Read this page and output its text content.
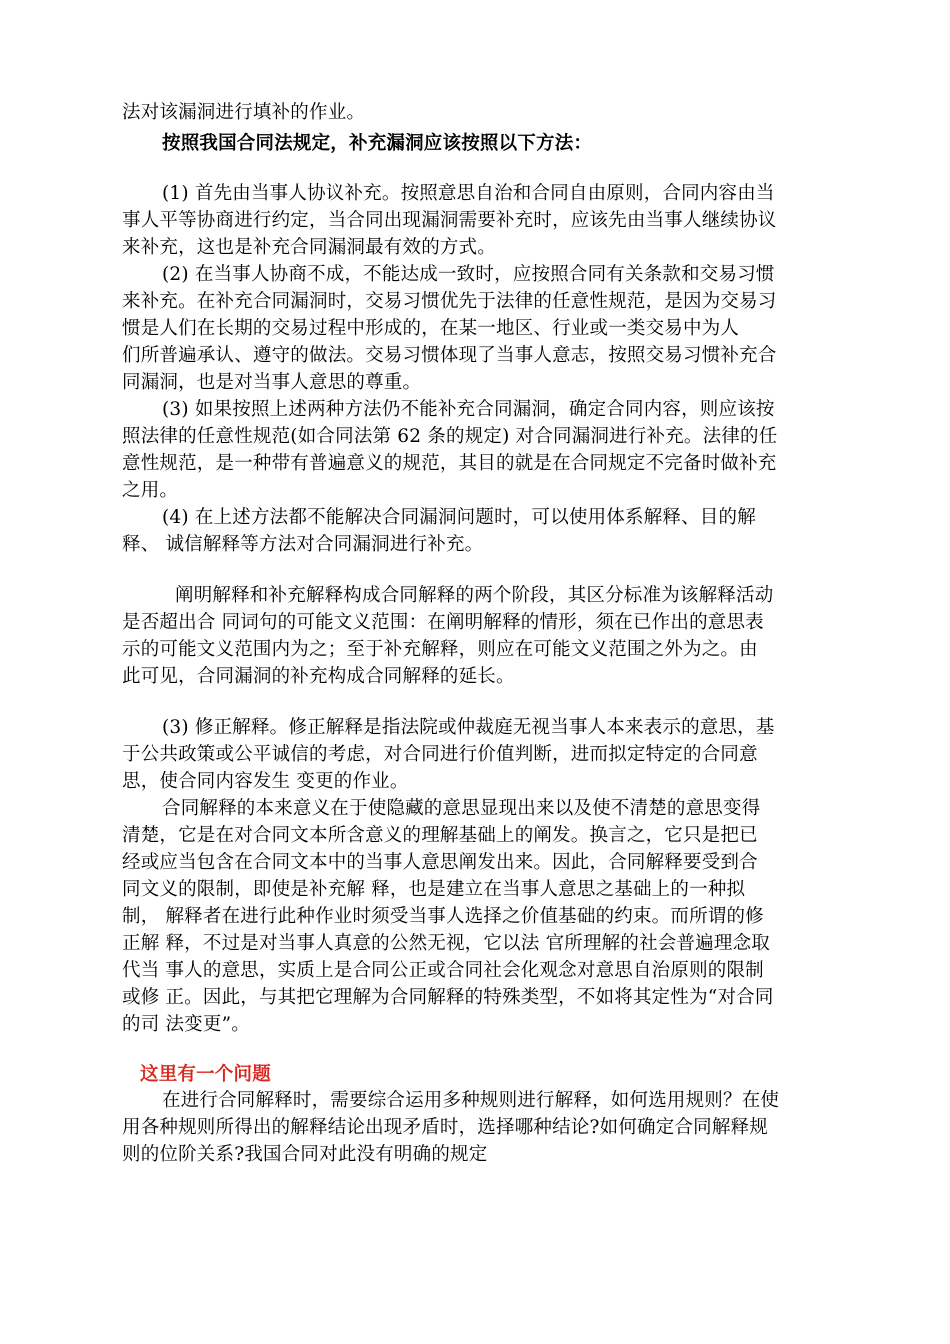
法对该漏洞进行填补的作业。
按照我国合同法规定，补充漏洞应该按照以下方法：
(1) 首先由当事人协议补充。按照意思自治和合同自由原则，合同内容由当
事人平等协商进行约定，当合同出现漏洞需要补充时，应该先由当事人继续协议
来补充，这也是补充合同漏洞最有效的方式。
(2) 在当事人协商不成，不能达成一致时，应按照合同有关条款和交易习惯
来补充。在补充合同漏洞时，交易习惯优先于法律的任意性规范，是因为交易习
惯是人们在长期的交易过程中形成的，在某一地区、行业或一类交易中为人
们所普遍承认、遵守的做法。交易习惯体现了当事人意志，按照交易习惯补充合
同漏洞，也是对当事人意思的尊重。
(3) 如果按照上述两种方法仍不能补充合同漏洞，确定合同内容，则应该按
照法律的任意性规范(如合同法第 62 条的规定) 对合同漏洞进行补充。法律的任
意性规范，是一种带有普遍意义的规范，其目的就是在合同规定不完备时做补充
之用。
(4) 在上述方法都不能解决合同漏洞问题时，可以使用体系解释、目的解
释、 诚信解释等方法对合同漏洞进行补充。
阐明解释和补充解释构成合同解释的两个阶段，其区分标准为该解释活动
是否超出合 同词句的可能文义范围：在阐明解释的情形，须在已作出的意思表
示的可能文义范围内为之；至于补充解释，则应在可能文义范围之外为之。由
此可见，合同漏洞的补充构成合同解释的延长。
(3) 修正解释。修正解释是指法院或仲裁庭无视当事人本来表示的意思，基
于公共政策或公平诚信的考虑，对合同进行价值判断，进而拟定特定的合同意
思，使合同内容发生 变更的作业。
合同解释的本来意义在于使隐藏的意思显现出来以及使不清楚的意思变得
清楚，它是在对合同文本所含意义的理解基础上的阐发。换言之，它只是把已
经或应当包含在合同文本中的当事人意思阐发出来。因此，合同解释要受到合
同文义的限制，即使是补充解 释，也是建立在当事人意思之基础上的一种拟
制， 解释者在进行此种作业时须受当事人选择之价值基础的约束。而所谓的修
正解 释，不过是对当事人真意的公然无视，它以法 官所理解的社会普遍理念取
代当 事人的意思，实质上是合同公正或合同社会化观念对意思自治原则的限制
或修 正。因此，与其把它理解为合同解释的特殊类型，不如将其定性为“对合同
的司 法变更”。
这里有一个问题
在进行合同解释时，需要综合运用多种规则进行解释，如何选用规则？在使
用各种规则所得出的解释结论出现矛盾时，选择哪种结论?如何确定合同解释规
则的位阶关系?我国合同对此没有明确的规定
